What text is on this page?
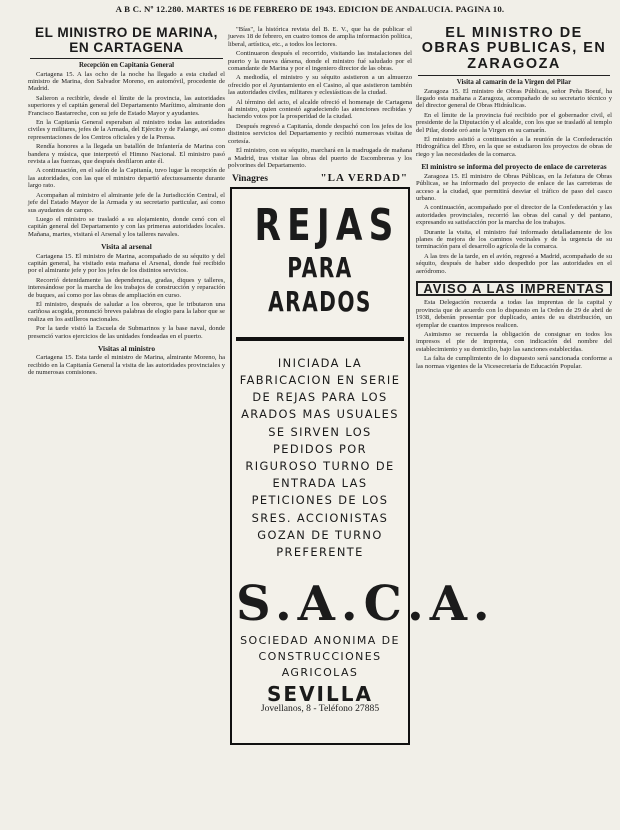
A B C. Nº 12.280. MARTES 16 DE FEBRERO DE 1943. EDICION DE ANDALUCIA. PAGINA 10.
EL MINISTRO DE MARINA, EN CARTAGENA
Recepción en Capitanía General

Cartagena 15. A las ocho de la noche ha llegado a esta ciudad el ministro de Marina, don Salvador Moreno, en automóvil, procedente de Madrid.

Salieron a recibirle, desde el límite de la provincia, las autoridades superiores y el capitán general del Departamento Marítimo, almirante don Francisco Bastarreche, con su jefe de Estado Mayor y ayudantes.

En la Capitanía General esperaban al ministro todas las autoridades civiles y militares, jefes de la Armada, del Ejército y de Falange, así como representaciones de los Centros oficiales y de la Prensa.

Rendía honores a la llegada un batallón de Infantería de Marina con bandera y música, que interpretó el Himno Nacional. El ministro pasó revista a las fuerzas, que después desfilaron ante él.

A continuación, en el salón de la Capitanía, tuvo lugar la recepción de las autoridades, con las que el ministro departió afectuosamente durante largo rato.

Acompañan al ministro el almirante jefe de la Jurisdicción Central, el jefe del Estado Mayor de la Armada y su secretario particular, así como sus ayudantes de campo.

Luego el ministro se trasladó a su alojamiento, donde cenó con el capitán general del Departamento y con las primeras autoridades locales. Mañana, martes, visitará el Arsenal y los talleres navales.

Visita al arsenal

Cartagena 15. El ministro de Marina, acompañado de su séquito y del capitán general, ha visitado esta mañana el Arsenal, donde fué recibido por el almirante jefe y por los jefes de los distintos servicios.

Recorrió detenidamente las dependencias, gradas, diques y talleres, interesándose por la marcha de los trabajos de construcción y reparación de buques, así como por las obras de ampliación en curso.

El ministro, después de saludar a los obreros, que le tributaron una cariñosa acogida, pronunció breves palabras de elogio para la labor que se realiza en los astilleros nacionales.

Por la tarde visitó la Escuela de Submarinos y la base naval, donde presenció varios ejercicios de las unidades fondeadas en el puerto.

Visitas al ministro

Cartagena 15. Esta tarde el ministro de Marina, almirante Moreno, ha recibido en la Capitanía General la visita de las autoridades provinciales y de numerosas comisiones.

"Bías", la histórica revista del B. E. V., que ha de publicar el jueves 18 de febrero, en cuatro tomos de amplia información política, liberal, artística, etc., a todos los lectores.

Continuaron después el recorrido, visitando las instalaciones del puerto y la nueva dársena, donde el ministro fué saludado por el comandante de Marina y por el ingeniero director de las obras.

A mediodía, el ministro y su séquito asistieron a un almuerzo ofrecido por el Ayuntamiento en el Casino, al que asistieron también las autoridades civiles, militares y eclesiásticas de la ciudad.

Al término del acto, el alcalde ofreció el homenaje de Cartagena al ministro, quien contestó agradeciendo las atenciones recibidas y haciendo votos por la prosperidad de la ciudad.

Después regresó a Capitanía, donde despachó con los jefes de los distintos servicios del Departamento y recibió numerosas visitas de cortesía.

El ministro, con su séquito, marchará en la madrugada de mañana a Madrid, tras visitar las obras del puerto de Escombreras y los polvorines del Departamento.

Vinagres	"LA VERDAD"
REJAS
PARA ARADOS
INICIADA LA FABRICACION EN SERIE DE REJAS PARA LOS ARADOS MAS USUALES SE SIRVEN LOS PEDIDOS POR RIGUROSO TURNO DE ENTRADA LAS PETICIONES DE LOS SRES. ACCIONISTAS GOZAN DE TURNO PREFERENTE
S.A.C.A.
SOCIEDAD ANONIMA DE CONSTRUCCIONES AGRICOLAS
SEVILLA
Jovellanos, 8 - Teléfono 27885
EL MINISTRO DE OBRAS PUBLICAS, EN ZARAGOZA
Visita al camarín de la Virgen del Pilar

Zaragoza 15. El ministro de Obras Públicas, señor Peña Boeuf, ha llegado esta mañana a Zaragoza, acompañado de su secretario técnico y del director general de Obras Hidráulicas.

En el límite de la provincia fué recibido por el gobernador civil, el presidente de la Diputación y el alcalde, con los que se trasladó al templo del Pilar, donde oró ante la Virgen en su camarín.

El ministro asistió a continuación a la reunión de la Confederación Hidrográfica del Ebro, en la que se estudiaron los proyectos de obras de riego y las necesidades de la comarca.

El ministro se informa del proyecto de enlace de carreteras

Zaragoza 15. El ministro de Obras Públicas, en la Jefatura de Obras Públicas, se ha informado del proyecto de enlace de las carreteras de acceso a la ciudad, que permitirá desviar el tráfico de paso del casco urbano.

A continuación, acompañado por el director de la Confederación y las autoridades provinciales, recorrió las obras del canal y del pantano, expresando su satisfacción por la marcha de los trabajos.

Durante la visita, el ministro fué informado detalladamente de los planes de mejora de los caminos vecinales y de la urgencia de su terminación para el desarrollo agrícola de la comarca.

A las tres de la tarde, en el avión, regresó a Madrid, acompañado de su séquito, después de haber sido despedido por las autoridades en el aeródromo.

AVISO A LAS IMPRENTAS

Esta Delegación recuerda a todas las imprentas de la capital y provincia que de acuerdo con lo dispuesto en la Orden de 29 de abril de 1938, deberán presentar por duplicado, antes de su distribución, un ejemplar de cuantos impresos realicen.

Asimismo se recuerda la obligación de consignar en todos los impresos el pie de imprenta, con indicación del nombre del establecimiento y su domicilio, bajo las sanciones establecidas.

La falta de cumplimiento de lo dispuesto será sancionada conforme a las normas vigentes de la Vicesecretaría de Educación Popular.
